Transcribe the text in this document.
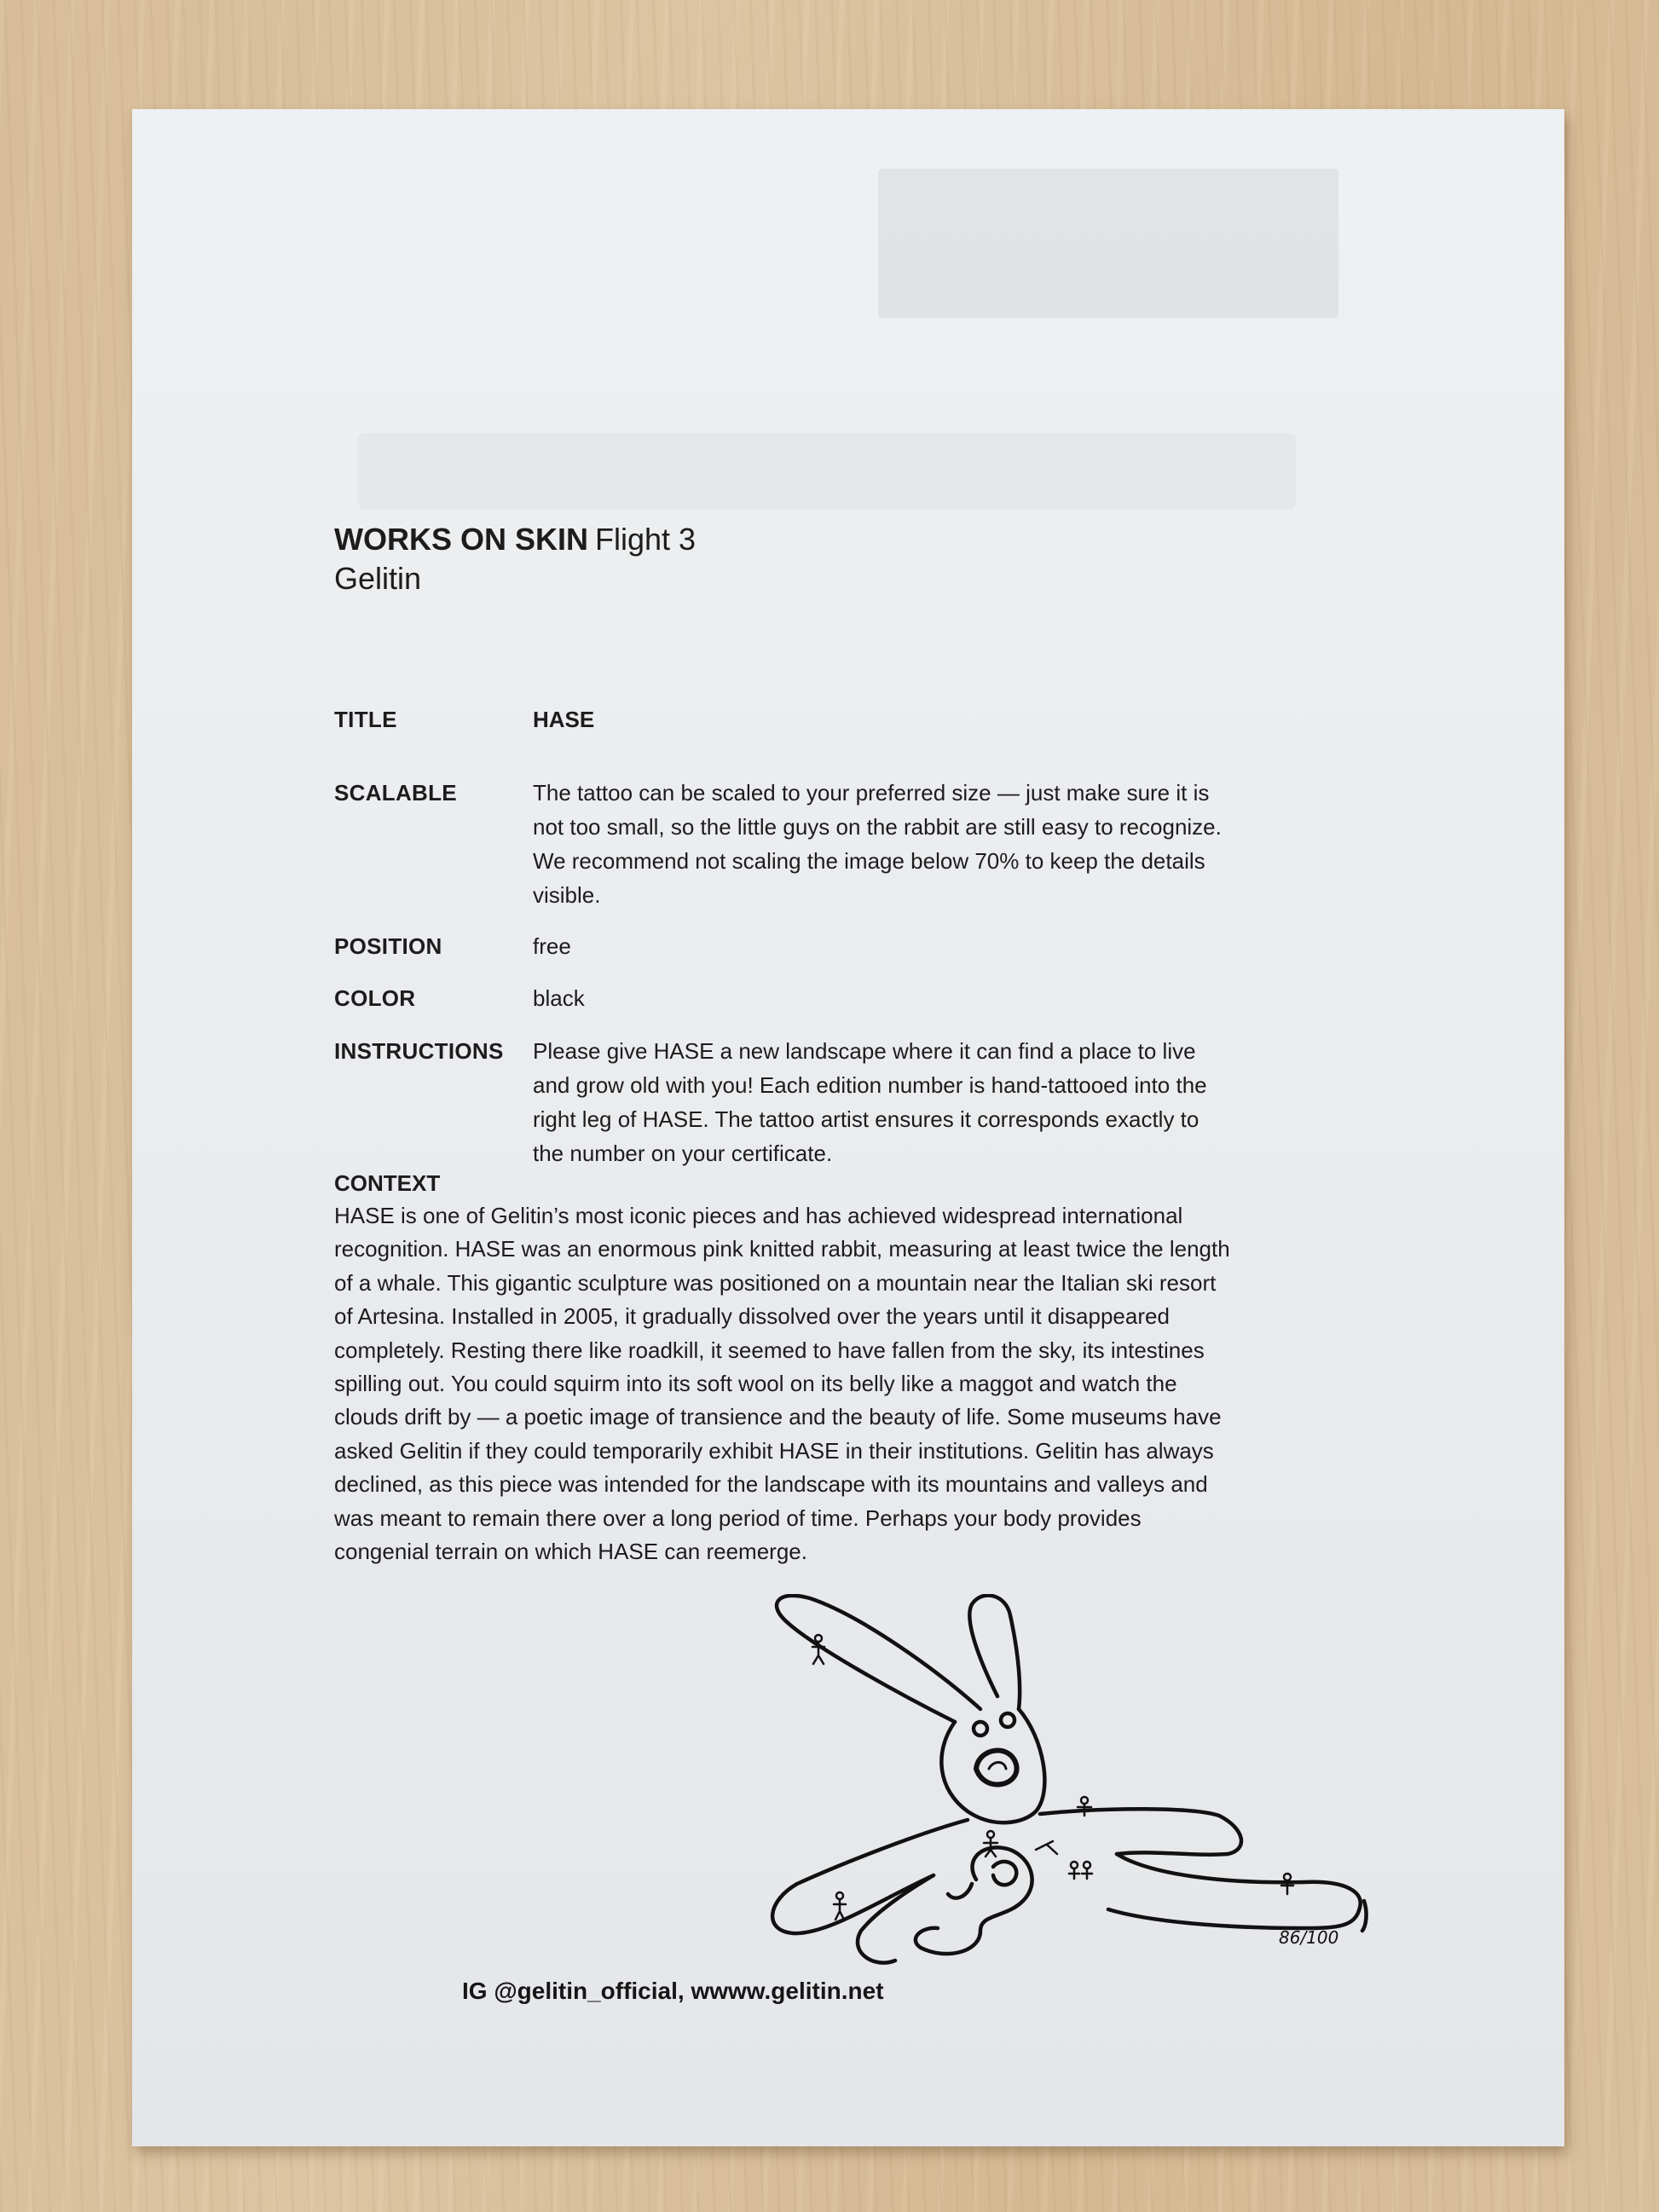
WORKS ON SKIN Flight 3
Gelitin
TITLE	HASE
SCALABLE	The tattoo can be scaled to your preferred size — just make sure it is not too small, so the little guys on the rabbit are still easy to recognize. We recommend not scaling the image below 70% to keep the details visible.
POSITION	free
COLOR	black
INSTRUCTIONS Please give HASE a new landscape where it can find a place to live and grow old with you! Each edition number is hand-tattooed into the right leg of HASE. The tattoo artist ensures it corresponds exactly to the number on your certificate.
CONTEXT
HASE is one of Gelitin’s most iconic pieces and has achieved widespread international recognition. HASE was an enormous pink knitted rabbit, measuring at least twice the length of a whale. This gigantic sculpture was positioned on a mountain near the Italian ski resort of Artesina. Installed in 2005, it gradually dissolved over the years until it disappeared completely. Resting there like roadkill, it seemed to have fallen from the sky, its intestines spilling out. You could squirm into its soft wool on its belly like a maggot and watch the clouds drift by — a poetic image of transience and the beauty of life. Some museums have asked Gelitin if they could temporarily exhibit HASE in their institutions. Gelitin has always declined, as this piece was intended for the landscape with its mountains and valleys and was meant to remain there over a long period of time. Perhaps your body provides congenial terrain on which HASE can reemerge.
86/100
IG @gelitin_official, wwww.gelitin.net
